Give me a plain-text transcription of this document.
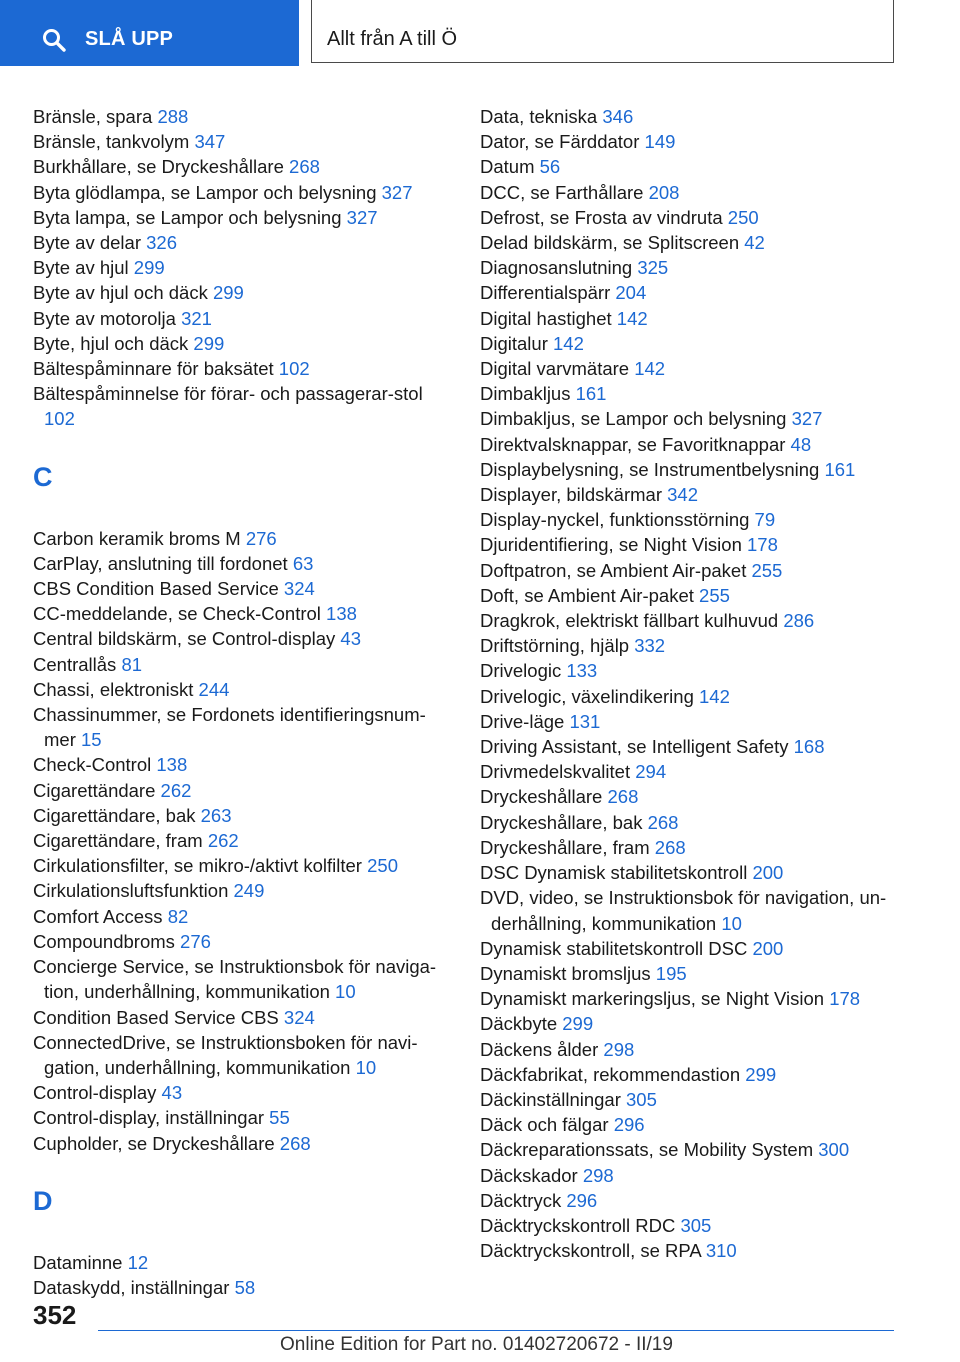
SLÅ UPP	Allt från A till Ö
Bränsle, spara 288
Bränsle, tankvolym 347
Burkhållare, se Dryckeshållare 268
Byta glödlampa, se Lampor och belysning 327
Byta lampa, se Lampor och belysning 327
Byte av delar 326
Byte av hjul 299
Byte av hjul och däck 299
Byte av motorolja 321
Byte, hjul och däck 299
Bältespåminnare för baksätet 102
Bältespåminnelse för förar- och passagerar-stol 102
C
Carbon keramik broms M 276
CarPlay, anslutning till fordonet 63
CBS Condition Based Service 324
CC-meddelande, se Check-Control 138
Central bildskärm, se Control-display 43
Centrallås 81
Chassi, elektroniskt 244
Chassinummer, se Fordonets identifieringsnum-mer 15
Check-Control 138
Cigarettändare 262
Cigarettändare, bak 263
Cigarettändare, fram 262
Cirkulationsfilter, se mikro-/aktivt kolfilter 250
Cirkulationsluftsfunktion 249
Comfort Access 82
Compoundbroms 276
Concierge Service, se Instruktionsbok för naviga-tion, underhållning, kommunikation 10
Condition Based Service CBS 324
ConnectedDrive, se Instruktionsboken för navi-gation, underhållning, kommunikation 10
Control-display 43
Control-display, inställningar 55
Cupholder, se Dryckeshållare 268
D
Dataminne 12
Dataskydd, inställningar 58
Data, tekniska 346
Dator, se Färddator 149
Datum 56
DCC, se Farthållare 208
Defrost, se Frosta av vindruta 250
Delad bildskärm, se Splitscreen 42
Diagnosanslutning 325
Differentialspärr 204
Digital hastighet 142
Digitalur 142
Digital varvmätare 142
Dimbakljus 161
Dimbakljus, se Lampor och belysning 327
Direktvalsknappar, se Favoritknappar 48
Displaybelysning, se Instrumentbelysning 161
Displayer, bildskärmar 342
Display-nyckel, funktionsstörning 79
Djuridentifiering, se Night Vision 178
Doftpatron, se Ambient Air-paket 255
Doft, se Ambient Air-paket 255
Dragkrok, elektriskt fällbart kulhuvud 286
Driftstörning, hjälp 332
Drivelogic 133
Drivelogic, växelindikering 142
Drive-läge 131
Driving Assistant, se Intelligent Safety 168
Drivmedelskvalitet 294
Dryckeshållare 268
Dryckeshållare, bak 268
Dryckeshållare, fram 268
DSC Dynamisk stabilitetskontroll 200
DVD, video, se Instruktionsbok för navigation, un-derhållning, kommunikation 10
Dynamisk stabilitetskontroll DSC 200
Dynamiskt bromsljus 195
Dynamiskt markeringsljus, se Night Vision 178
Däckbyte 299
Däckens ålder 298
Däckfabrikat, rekommendastion 299
Däckinställningar 305
Däck och fälgar 296
Däckreparationssats, se Mobility System 300
Däckskador 298
Däcktryck 296
Däcktryckskontroll RDC 305
Däcktryckskontroll, se RPA 310
352
Online Edition for Part no. 01402720672 - II/19
